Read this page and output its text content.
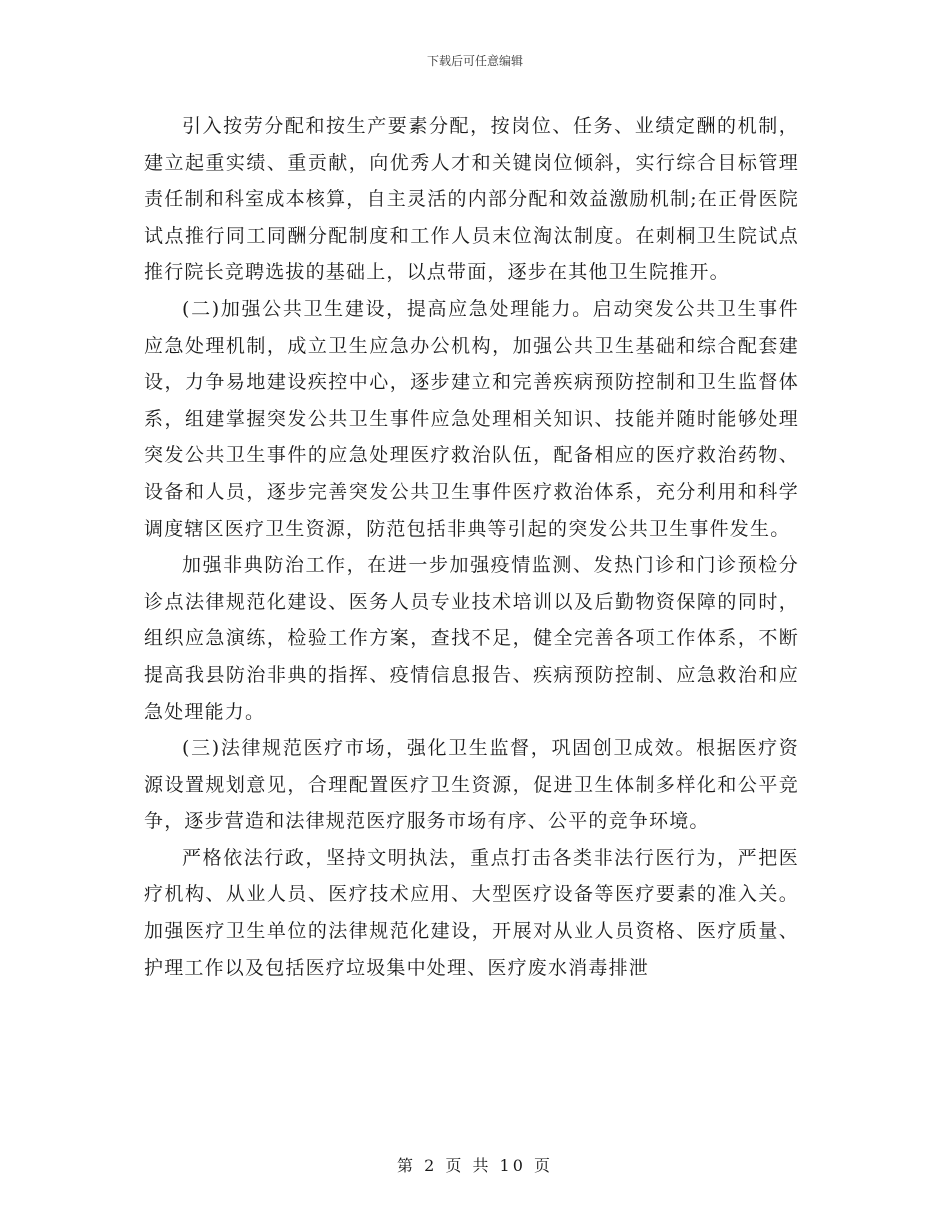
下载后可任意编辑

引入按劳分配和按生产要素分配，按岗位、任务、业绩定酬的机制，建立起重实绩、重贡献，向优秀人才和关键岗位倾斜，实行综合目标管理责任制和科室成本核算，自主灵活的内部分配和效益激励机制;在正骨医院试点推行同工同酬分配制度和工作人员末位淘汰制度。在刺桐卫生院试点推行院长竞聘选拔的基础上，以点带面，逐步在其他卫生院推开。

(二)加强公共卫生建设，提高应急处理能力。启动突发公共卫生事件应急处理机制，成立卫生应急办公机构，加强公共卫生基础和综合配套建设，力争易地建设疾控中心，逐步建立和完善疾病预防控制和卫生监督体系，组建掌握突发公共卫生事件应急处理相关知识、技能并随时能够处理突发公共卫生事件的应急处理医疗救治队伍，配备相应的医疗救治药物、设备和人员，逐步完善突发公共卫生事件医疗救治体系，充分利用和科学调度辖区医疗卫生资源，防范包括非典等引起的突发公共卫生事件发生。

加强非典防治工作，在进一步加强疫情监测、发热门诊和门诊预检分诊点法律规范化建设、医务人员专业技术培训以及后勤物资保障的同时，组织应急演练，检验工作方案，查找不足，健全完善各项工作体系，不断提高我县防治非典的指挥、疫情信息报告、疾病预防控制、应急救治和应急处理能力。

(三)法律规范医疗市场，强化卫生监督，巩固创卫成效。根据医疗资源设置规划意见，合理配置医疗卫生资源，促进卫生体制多样化和公平竞争，逐步营造和法律规范医疗服务市场有序、公平的竞争环境。

严格依法行政，坚持文明执法，重点打击各类非法行医行为，严把医疗机构、从业人员、医疗技术应用、大型医疗设备等医疗要素的准入关。加强医疗卫生单位的法律规范化建设，开展对从业人员资格、医疗质量、护理工作以及包括医疗垃圾集中处理、医疗废水消毒排泄

第 2 页 共 10 页
